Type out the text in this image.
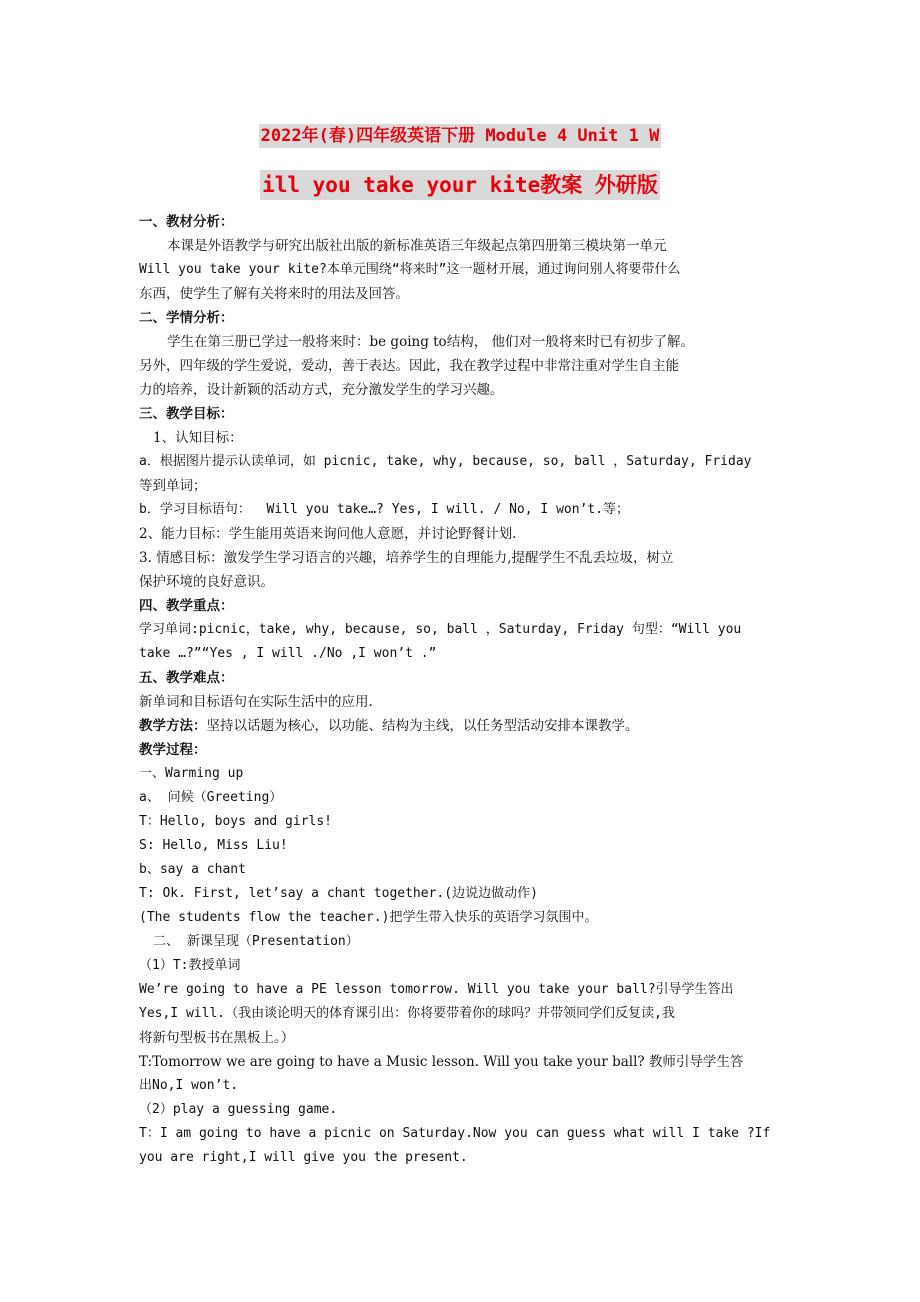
2022年(春)四年级英语下册 Module 4 Unit 1 W
ill you take your kite教案 外研版
一、教材分析：
本课是外语教学与研究出版社出版的新标准英语三年级起点第四册第三模块第一单元
Will you take your kite?本单元围绕“将来时”这一题材开展，通过询问别人将要带什么
东西，使学生了解有关将来时的用法及回答。
二、学情分析：
学生在第三册已学过一般将来时：be going to结构， 他们对一般将来时已有初步了解。
另外，四年级的学生爱说，爱动，善于表达。因此，我在教学过程中非常注重对学生自主能
力的培养，设计新颖的活动方式，充分激发学生的学习兴趣。
三、教学目标：
1、认知目标：
a．根据图片提示认读单词，如 picnic, take, why, because, so, ball ，Saturday, Friday
等到单词；
b．学习目标语句：  Will you take…? Yes, I will. / No, I won’t.等；
2、能力目标：学生能用英语来询问他人意愿，并讨论野餐计划.
3. 情感目标：激发学生学习语言的兴趣，培养学生的自理能力,提醒学生不乱丢垃圾，树立
保护环境的良好意识。
四、教学重点：
学习单词:picnic，take, why, because, so, ball ，Saturday, Friday 句型：“Will you
take …?”“Yes , I will ./No ,I won’t .”
五、教学难点：
新单词和目标语句在实际生活中的应用.
教学方法：坚持以话题为核心，以功能、结构为主线，以任务型活动安排本课教学。
教学过程：
一、Warming up
a、 问候（Greeting）
T：Hello, boys and girls!
S: Hello, Miss Liu!
b、say a chant
T: Ok. First, let’say a chant together.(边说边做动作)
(The students flow the teacher.)把学生带入快乐的英语学习氛围中。
二、 新课呈现（Presentation）
（1）T:教授单词
We’re going to have a PE lesson tomorrow. Will you take your ball?引导学生答出
Yes,I will.（我由谈论明天的体育课引出：你将要带着你的球吗？并带领同学们反复读,我
将新句型板书在黑板上。）
T:Tomorrow we are going to have a Music lesson. Will you take your ball? 教师引导学生答
出No,I won’t.
（2）play a guessing game.
T：I am going to have a picnic on Saturday.Now you can guess what will I take ?If
you are right,I will give you the present.
